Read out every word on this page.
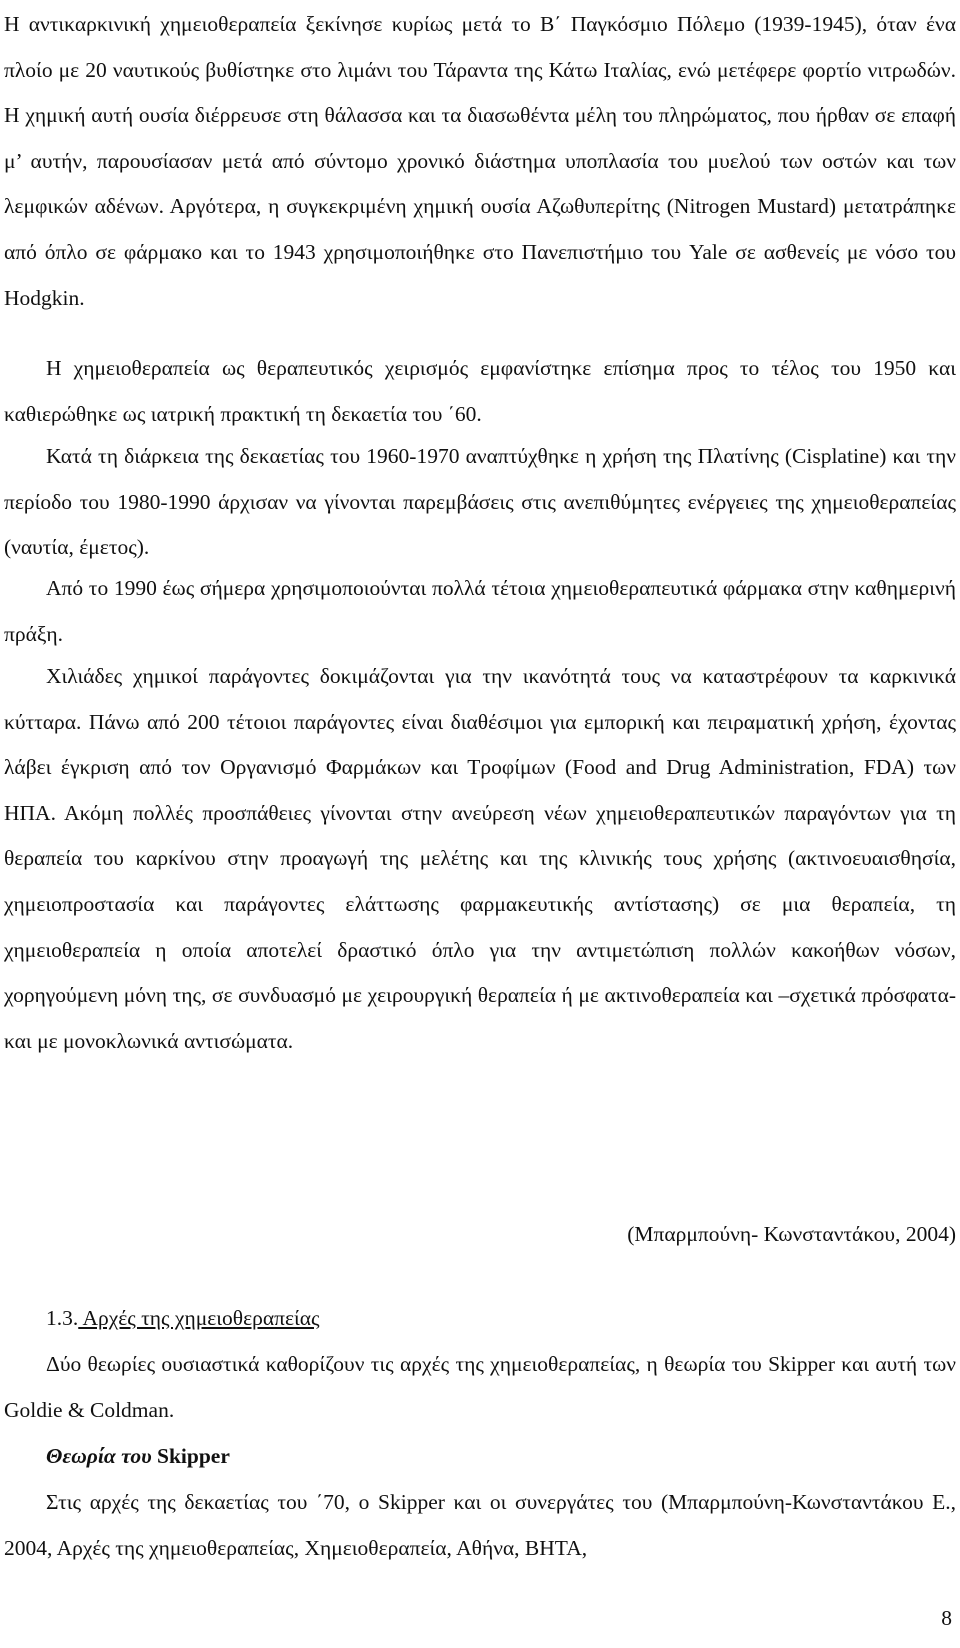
Η αντικαρκινική χημειοθεραπεία ξεκίνησε κυρίως μετά το Β΄ Παγκόσμιο Πόλεμο (1939-1945), όταν ένα πλοίο με 20 ναυτικούς βυθίστηκε στο λιμάνι του Τάραντα της Κάτω Ιταλίας, ενώ μετέφερε φορτίο νιτρωδών. Η χημική αυτή ουσία διέρρευσε στη θάλασσα και τα διασωθέντα μέλη του πληρώματος, που ήρθαν σε επαφή μ’ αυτήν, παρουσίασαν μετά από σύντομο χρονικό διάστημα υποπλασία του μυελού των οστών και των λεμφικών αδένων. Αργότερα, η συγκεκριμένη χημική ουσία Αζωθυπερίτης (Nitrogen Mustard) μετατράπηκε από όπλο σε φάρμακο και το 1943 χρησιμοποιήθηκε στο Πανεπιστήμιο του Yale σε ασθενείς με νόσο του Hodgkin.

Η χημειοθεραπεία ως θεραπευτικός χειρισμός εμφανίστηκε επίσημα προς το τέλος του 1950 και καθιερώθηκε ως ιατρική πρακτική τη δεκαετία του ΄60.

Κατά τη διάρκεια της δεκαετίας του 1960-1970 αναπτύχθηκε η χρήση της Πλατίνης (Cisplatine) και την περίοδο του 1980-1990 άρχισαν να γίνονται παρεμβάσεις στις ανεπιθύμητες ενέργειες της χημειοθεραπείας (ναυτία, έμετος).

Από το 1990 έως σήμερα χρησιμοποιούνται πολλά τέτοια χημειοθεραπευτικά φάρμακα στην καθημερινή πράξη.

Χιλιάδες χημικοί παράγοντες δοκιμάζονται για την ικανότητά τους να καταστρέφουν τα καρκινικά κύτταρα. Πάνω από 200 τέτοιοι παράγοντες είναι διαθέσιμοι για εμπορική και πειραματική χρήση, έχοντας λάβει έγκριση από τον Οργανισμό Φαρμάκων και Τροφίμων (Food and Drug Administration, FDA) των ΗΠΑ. Ακόμη πολλές προσπάθειες γίνονται στην ανεύρεση νέων χημειοθεραπευτικών παραγόντων για τη θεραπεία του καρκίνου στην προαγωγή της μελέτης και της κλινικής τους χρήσης (ακτινοευαισθησία, χημειοπροστασία και παράγοντες ελάττωσης φαρμακευτικής αντίστασης) σε μια θεραπεία, τη χημειοθεραπεία η οποία αποτελεί δραστικό όπλο για την αντιμετώπιση πολλών κακοήθων νόσων, χορηγούμενη μόνη της, σε συνδυασμό με χειρουργική θεραπεία ή με ακτινοθεραπεία και –σχετικά πρόσφατα- και με μονοκλωνικά αντισώματα.

(Μπαρμπούνη- Κωνσταντάκου, 2004)

1.3. Αρχές της χημειοθεραπείας

Δύο θεωρίες ουσιαστικά καθορίζουν τις αρχές της χημειοθεραπείας, η θεωρία του Skipper και αυτή των Goldie & Coldman.

Θεωρία του Skipper

Στις αρχές της δεκαετίας του ΄70, ο Skipper και οι συνεργάτες του (Μπαρμπούνη-Κωνσταντάκου Ε., 2004, Αρχές της χημειοθεραπείας, Χημειοθεραπεία, Αθήνα, ΒΗΤΑ,

8
